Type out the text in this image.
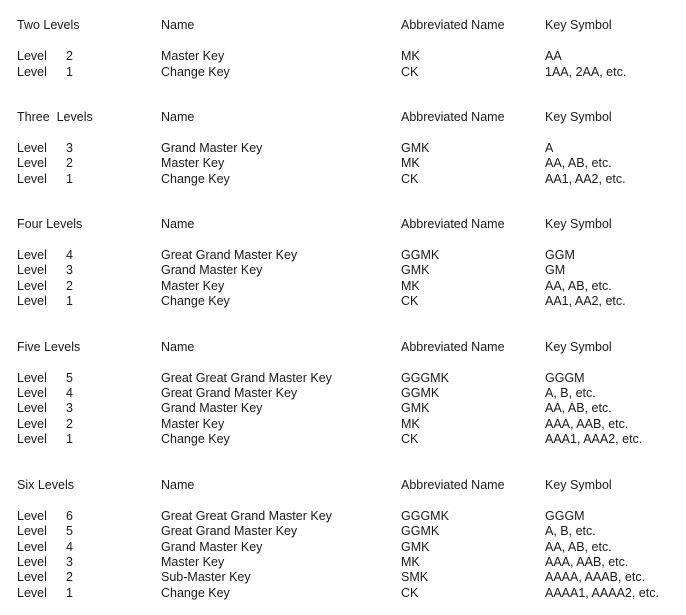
Two Levels	Name	Abbreviated Name	Key Symbol
Level 2	Master Key	MK	AA
Level 1	Change Key	CK	1AA, 2AA, etc.
Three  Levels	Name	Abbreviated Name	Key Symbol
Level 3	Grand Master Key	GMK	A
Level 2	Master Key	MK	AA, AB, etc.
Level 1	Change Key	CK	AA1, AA2, etc.
Four Levels	Name	Abbreviated Name	Key Symbol
Level 4	Great Grand Master Key	GGMK	GGM
Level 3	Grand Master Key	GMK	GM
Level 2	Master Key	MK	AA, AB, etc.
Level 1	Change Key	CK	AA1, AA2, etc.
Five Levels	Name	Abbreviated Name	Key Symbol
Level 5	Great Great Grand Master Key	GGGMK	GGGM
Level 4	Great Grand Master Key	GGMK	A, B, etc.
Level 3	Grand Master Key	GMK	AA, AB, etc.
Level 2	Master Key	MK	AAA, AAB, etc.
Level 1	Change Key	CK	AAA1, AAA2, etc.
Six Levels	Name	Abbreviated Name	Key Symbol
Level 6	Great Great Grand Master Key	GGGMK	GGGM
Level 5	Great Grand Master Key	GGMK	A, B, etc.
Level 4	Grand Master Key	GMK	AA, AB, etc.
Level 3	Master Key	MK	AAA, AAB, etc.
Level 2	Sub-Master Key	SMK	AAAA, AAAB, etc.
Level 1	Change Key	CK	AAAA1, AAAA2, etc.
